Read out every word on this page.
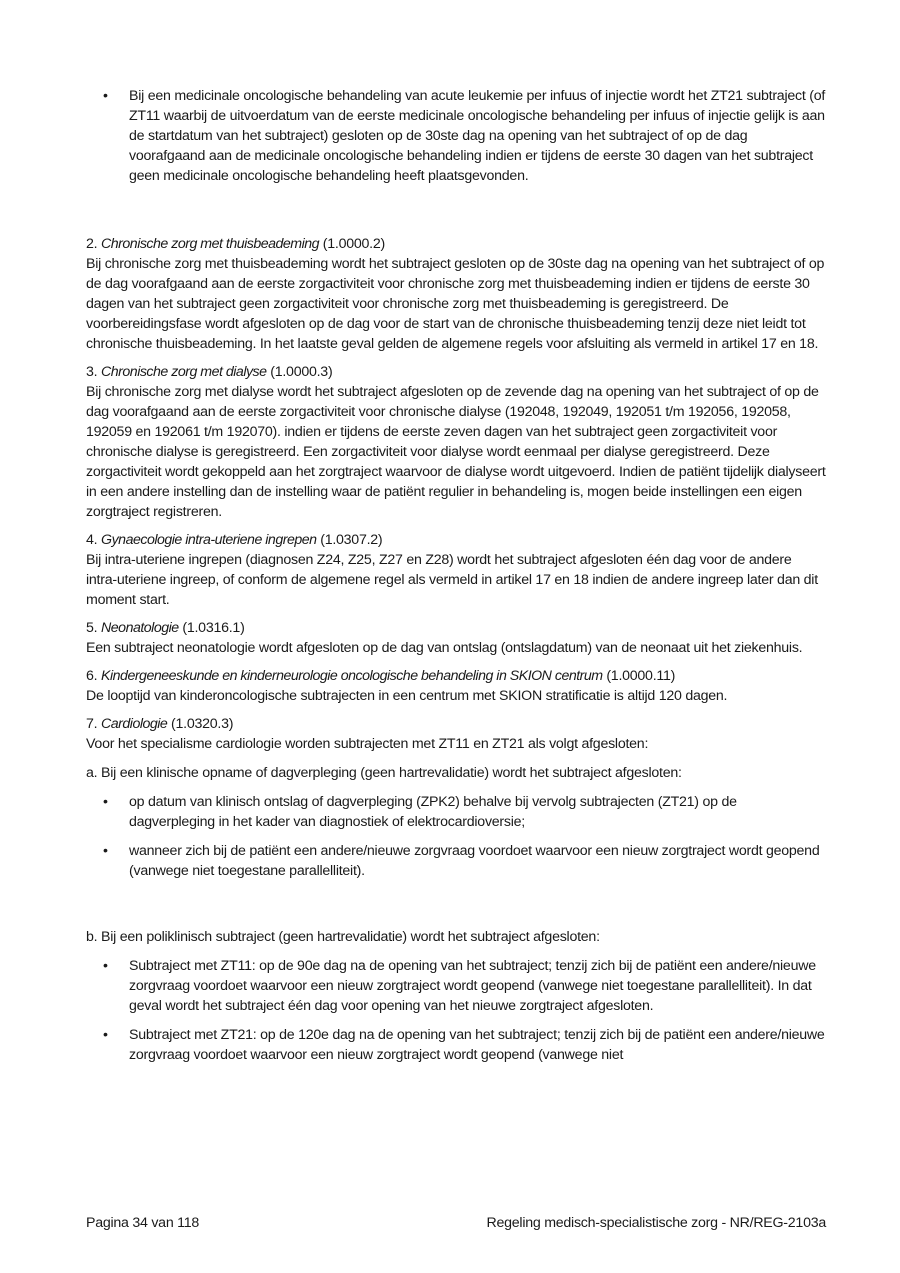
• Bij een medicinale oncologische behandeling van acute leukemie per infuus of injectie wordt het ZT21 subtraject (of ZT11 waarbij de uitvoerdatum van de eerste medicinale oncologische behandeling per infuus of injectie gelijk is aan de startdatum van het subtraject) gesloten op de 30ste dag na opening van het subtraject of op de dag voorafgaand aan de medicinale oncologische behandeling indien er tijdens de eerste 30 dagen van het subtraject geen medicinale oncologische behandeling heeft plaatsgevonden.

2. Chronische zorg met thuisbeademing (1.0000.2)

Bij chronische zorg met thuisbeademing wordt het subtraject gesloten op de 30ste dag na opening van het subtraject of op de dag voorafgaand aan de eerste zorgactiviteit voor chronische zorg met thuisbeademing indien er tijdens de eerste 30 dagen van het subtraject geen zorgactiviteit voor chronische zorg met thuisbeademing is geregistreerd. De voorbereidingsfase wordt afgesloten op de dag voor de start van de chronische thuisbeademing tenzij deze niet leidt tot chronische thuisbeademing. In het laatste geval gelden de algemene regels voor afsluiting als vermeld in artikel 17 en 18.

3. Chronische zorg met dialyse (1.0000.3)

Bij chronische zorg met dialyse wordt het subtraject afgesloten op de zevende dag na opening van het subtraject of op de dag voorafgaand aan de eerste zorgactiviteit voor chronische dialyse (192048, 192049, 192051 t/m 192056, 192058, 192059 en 192061 t/m 192070). indien er tijdens de eerste zeven dagen van het subtraject geen zorgactiviteit voor chronische dialyse is geregistreerd. Een zorgactiviteit voor dialyse wordt eenmaal per dialyse geregistreerd. Deze zorgactiviteit wordt gekoppeld aan het zorgtraject waarvoor de dialyse wordt uitgevoerd. Indien de patiënt tijdelijk dialyseert in een andere instelling dan de instelling waar de patiënt regulier in behandeling is, mogen beide instellingen een eigen zorgtraject registreren.

4. Gynaecologie intra-uteriene ingrepen (1.0307.2)

Bij intra-uteriene ingrepen (diagnosen Z24, Z25, Z27 en Z28) wordt het subtraject afgesloten één dag voor de andere intra-uteriene ingreep, of conform de algemene regel als vermeld in artikel 17 en 18 indien de andere ingreep later dan dit moment start.

5. Neonatologie (1.0316.1)

Een subtraject neonatologie wordt afgesloten op de dag van ontslag (ontslagdatum) van de neonaat uit het ziekenhuis.

6. Kindergeneeskunde en kinderneurologie oncologische behandeling in SKION centrum (1.0000.11)

De looptijd van kinderoncologische subtrajecten in een centrum met SKION stratificatie is altijd 120 dagen.

7. Cardiologie (1.0320.3)

Voor het specialisme cardiologie worden subtrajecten met ZT11 en ZT21 als volgt afgesloten:

a. Bij een klinische opname of dagverpleging (geen hartrevalidatie) wordt het subtraject afgesloten:

• op datum van klinisch ontslag of dagverpleging (ZPK2) behalve bij vervolg subtrajecten (ZT21) op de dagverpleging in het kader van diagnostiek of elektrocardioversie;
• wanneer zich bij de patiënt een andere/nieuwe zorgvraag voordoet waarvoor een nieuw zorgtraject wordt geopend (vanwege niet toegestane parallelliteit).

b. Bij een poliklinisch subtraject (geen hartrevalidatie) wordt het subtraject afgesloten:

• Subtraject met ZT11: op de 90e dag na de opening van het subtraject; tenzij zich bij de patiënt een andere/nieuwe zorgvraag voordoet waarvoor een nieuw zorgtraject wordt geopend (vanwege niet toegestane parallelliteit). In dat geval wordt het subtraject één dag voor opening van het nieuwe zorgtraject afgesloten.
• Subtraject met ZT21: op de 120e dag na de opening van het subtraject; tenzij zich bij de patiënt een andere/nieuwe zorgvraag voordoet waarvoor een nieuw zorgtraject wordt geopend (vanwege niet
Pagina 34 van 118	Regeling medisch-specialistische zorg - NR/REG-2103a
